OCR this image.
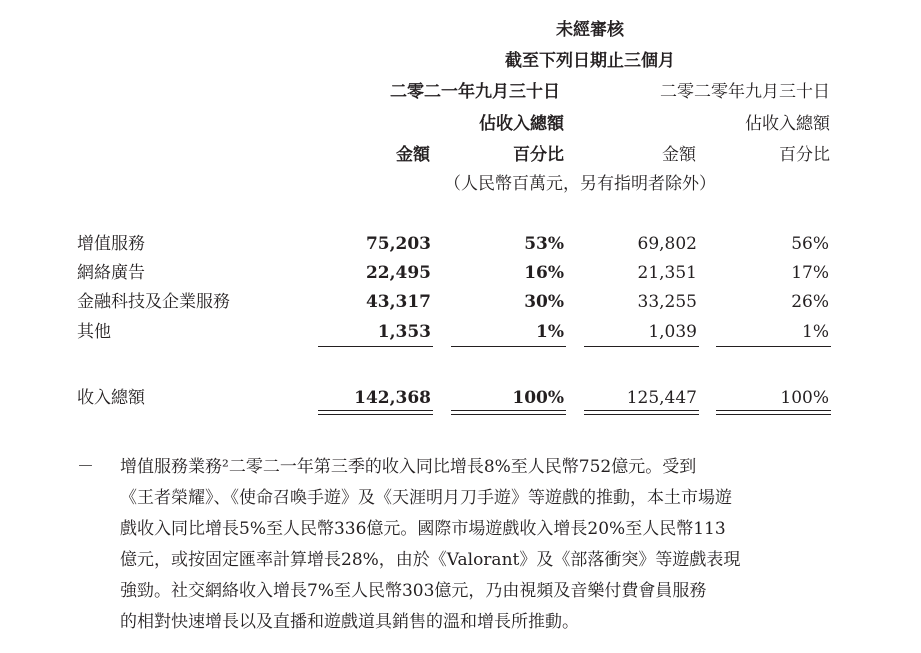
未經審核
截至下列日期止三個月
二零二一年九月三十日	二零二零年九月三十日
佔收入總額	佔收入總額
金額	百分比	金額	百分比
（人民幣百萬元，另有指明者除外）
增值服務	75,203	53%	69,802	56%
網絡廣告	22,495	16%	21,351	17%
金融科技及企業服務	43,317	30%	33,255	26%
其他	1,353	1%	1,039	1%
收入總額	142,368	100%	125,447	100%
－ 增值服務業務²二零二一年第三季的收入同比增長8%至人民幣752億元。受到
《王者榮耀》、《使命召喚手遊》及《天涯明月刀手遊》等遊戲的推動，本土市場遊
戲收入同比增長5%至人民幣336億元。國際市場遊戲收入增長20%至人民幣113
億元，或按固定匯率計算增長28%，由於《Valorant》及《部落衝突》等遊戲表現
強勁。社交網絡收入增長7%至人民幣303億元，乃由視頻及音樂付費會員服務
的相對快速增長以及直播和遊戲道具銷售的溫和增長所推動。
